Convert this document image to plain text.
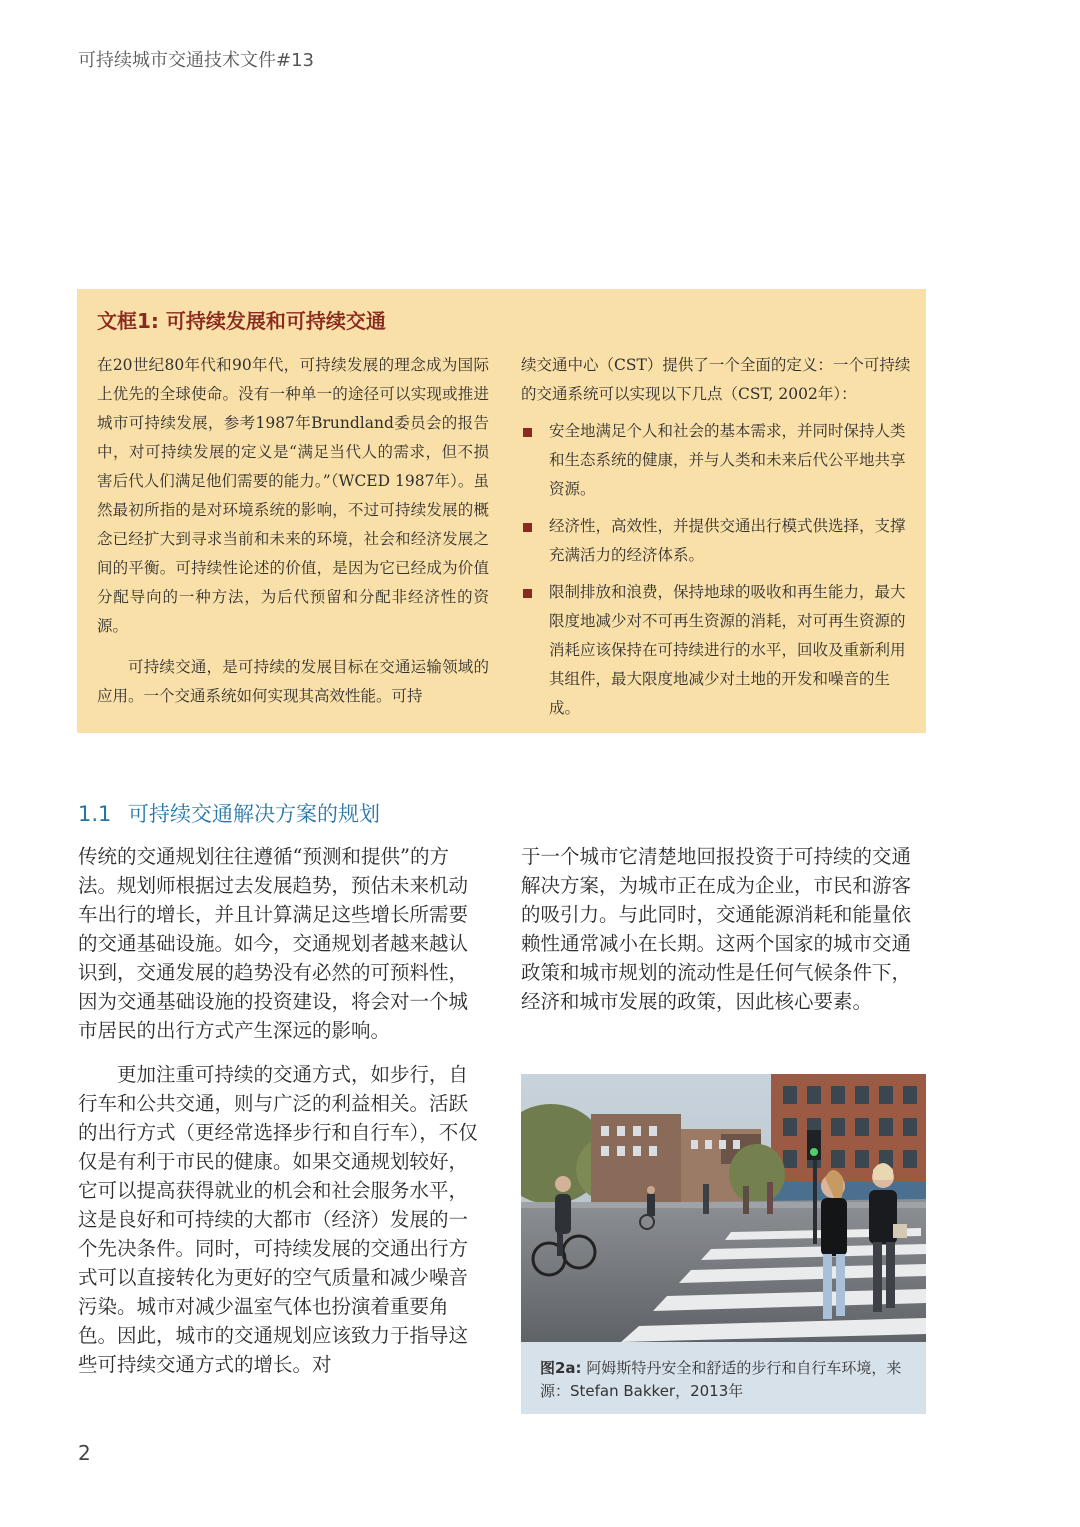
可持续城市交通技术文件#13
文框1: 可持续发展和可持续交通

在20世纪80年代和90年代，可持续发展的理念成为国际上优先的全球使命。没有一种单一的途径可以实现或推进城市可持续发展，参考1987年Brundland委员会的报告中，对可持续发展的定义是“满足当代人的需求，但不损害后代人们满足他们需要的能力。”（WCED 1987年）。虽然最初所指的是对环境系统的影响，不过可持续发展的概念已经扩大到寻求当前和未来的环境，社会和经济发展之间的平衡。可持续性论述的价值，是因为它已经成为价值分配导向的一种方法，为后代预留和分配非经济性的资源。

可持续交通，是可持续的发展目标在交通运输领域的应用。一个交通系统如何实现其高效性能。可持

续交通中心（CST）提供了一个全面的定义：一个可持续的交通系统可以实现以下几点（CST, 2002年）：

安全地满足个人和社会的基本需求，并同时保持人类和生态系统的健康，并与人类和未来后代公平地共享资源。
经济性，高效性，并提供交通出行模式供选择，支撑充满活力的经济体系。
限制排放和浪费，保持地球的吸收和再生能力，最大限度地减少对不可再生资源的消耗，对可再生资源的消耗应该保持在可持续进行的水平，回收及重新利用其组件，最大限度地减少对土地的开发和噪音的生成。
1.1 可持续交通解决方案的规划

传统的交通规划往往遵循“预测和提供”的方法。规划师根据过去发展趋势，预估未来机动车出行的增长，并且计算满足这些增长所需要的交通基础设施。如今，交通规划者越来越认识到，交通发展的趋势没有必然的可预料性，因为交通基础设施的投资建设，将会对一个城市居民的出行方式产生深远的影响。

更加注重可持续的交通方式，如步行，自行车和公共交通，则与广泛的利益相关。活跃的出行方式（更经常选择步行和自行车），不仅仅是有利于市民的健康。如果交通规划较好，它可以提高获得就业的机会和社会服务水平，这是良好和可持续的大都市（经济）发展的一个先决条件。同时，可持续发展的交通出行方式可以直接转化为更好的空气质量和减少噪音污染。城市对减少温室气体也扮演着重要角色。因此，城市的交通规划应该致力于指导这些可持续交通方式的增长。对

于一个城市它清楚地回报投资于可持续的交通解决方案，为城市正在成为企业，市民和游客的吸引力。与此同时，交通能源消耗和能量依赖性通常减小在长期。这两个国家的城市交通政策和城市规划的流动性是任何气候条件下，经济和城市发展的政策，因此核心要素。

图2a: 阿姆斯特丹安全和舒适的步行和自行车环境，来源：Stefan Bakker，2013年
2
